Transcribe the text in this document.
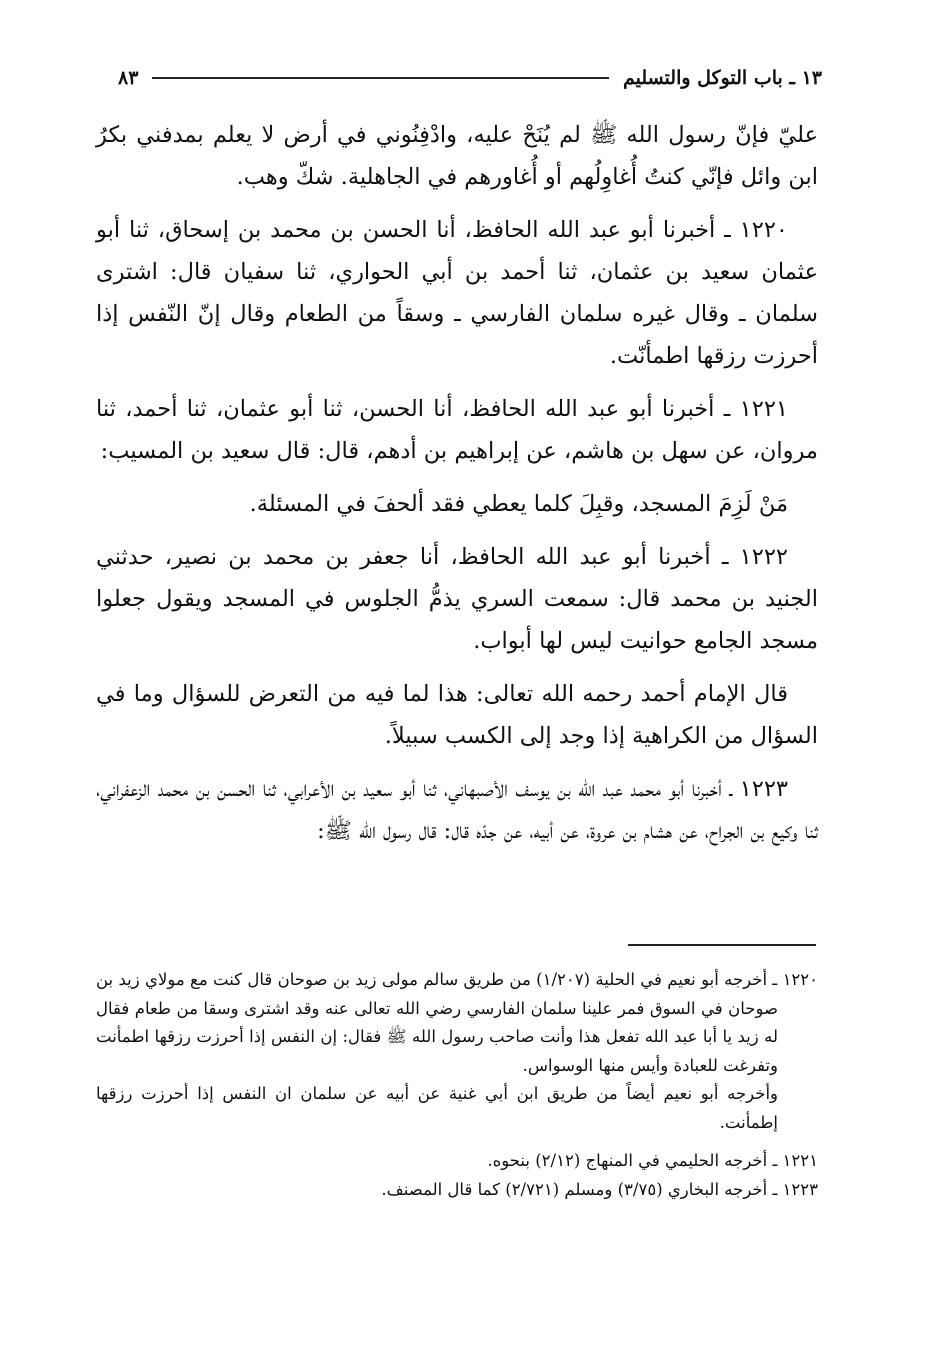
١٣ ـ باب التوكل والتسليم
٨٣

عليّ فإنّ رسول الله ﷺ لم يُنَحْ عليه، وادْفِنُوني في أرض لا يعلم بمدفني بكرُ ابن وائل فإنّي كنتُ أُغاوِلُهم أو أُغاورهم في الجاهلية. شكّ وهب.

١٢٢٠ ـ أخبرنا أبو عبد الله الحافظ، أنا الحسن بن محمد بن إسحاق، ثنا أبو عثمان سعيد بن عثمان، ثنا أحمد بن أبي الحواري، ثنا سفيان قال: اشترى سلمان ـ وقال غيره سلمان الفارسي ـ وسقاً من الطعام وقال إنّ النّفس إذا أحرزت رزقها اطمأنّت.

١٢٢١ ـ أخبرنا أبو عبد الله الحافظ، أنا الحسن، ثنا أبو عثمان، ثنا أحمد، ثنا مروان، عن سهل بن هاشم، عن إبراهيم بن أدهم، قال: قال سعيد بن المسيب:

مَنْ لَزِمَ المسجد، وقبِلَ كلما يعطي فقد ألحفَ في المسئلة.

١٢٢٢ ـ أخبرنا أبو عبد الله الحافظ، أنا جعفر بن محمد بن نصير، حدثني الجنيد بن محمد قال: سمعت السري يذمُّ الجلوس في المسجد ويقول جعلوا مسجد الجامع حوانيت ليس لها أبواب.

قال الإمام أحمد رحمه الله تعالى: هذا لما فيه من التعرض للسؤال وما في السؤال من الكراهية إذا وجد إلى الكسب سبيلاً.

١٢٢٣ ـ أخبرنا أبو محمد عبد الله بن يوسف الأصبهاني، ثنا أبو سعيد بن الأعرابي، ثنا الحسن بن محمد الزعفراني، ثنا وكيع بن الجراح، عن هشام بن عروة، عن أبيه، عن جدّه قال: قال رسول الله ﷺ:

١٢٢٠ ـ أخرجه أبو نعيم في الحلية (١/٢٠٧) من طريق سالم مولى زيد بن صوحان قال كنت مع مولاي زيد بن صوحان في السوق فمر علينا سلمان الفارسي رضي الله تعالى عنه وقد اشترى وسقا من طعام فقال له زيد يا أبا عبد الله تفعل هذا وأنت صاحب رسول الله ﷺ فقال: إن النفس إذا أحرزت رزقها اطمأنت وتفرغت للعبادة وأيس منها الوسواس.

وأخرجه أبو نعيم أيضاً من طريق ابن أبي غنية عن أبيه عن سلمان ان النفس إذا أحرزت رزقها إطمأنت.

١٢٢١ ـ أخرجه الحليمي في المنهاج (٢/١٢) بنحوه.

١٢٢٣ ـ أخرجه البخاري (٣/٧٥) ومسلم (٢/٧٢١) كما قال المصنف.
